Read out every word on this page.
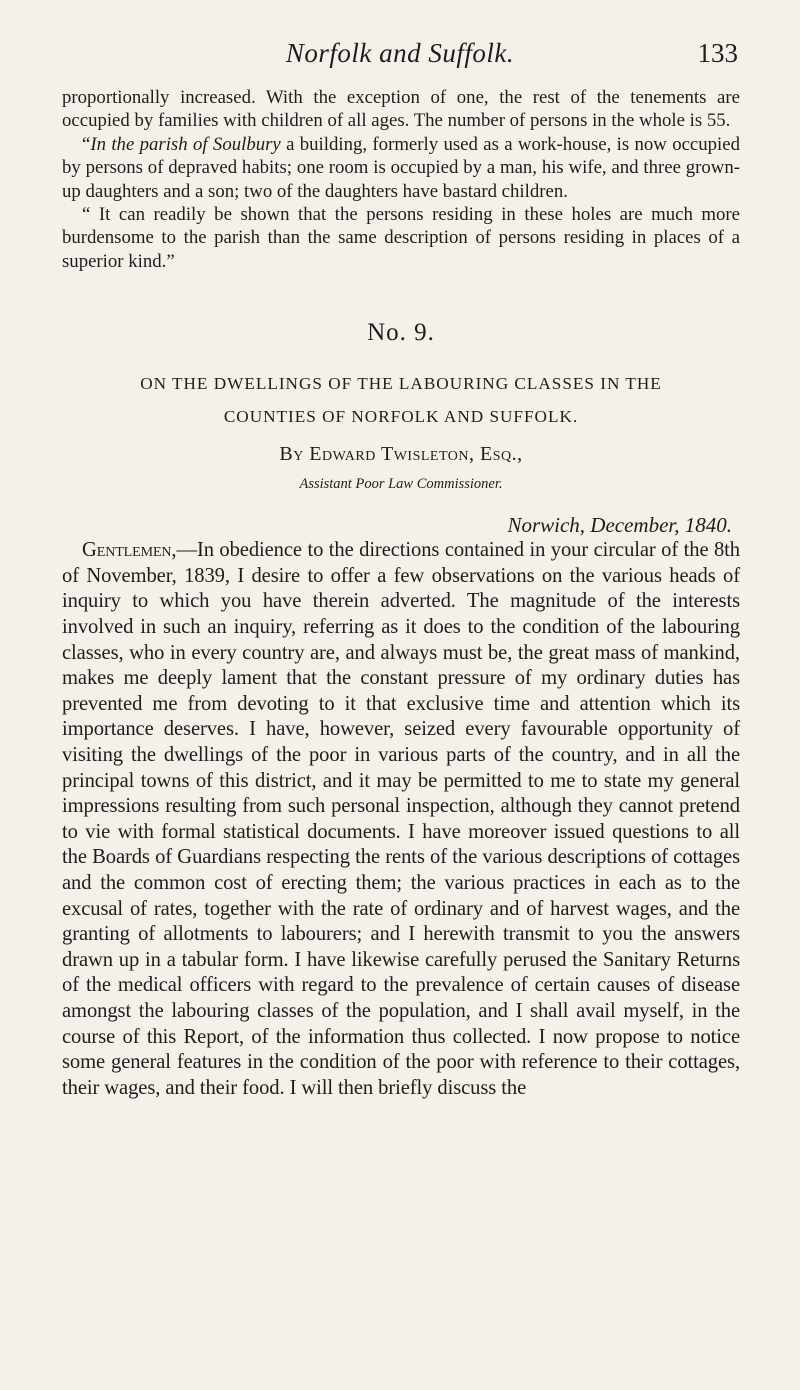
Norfolk and Suffolk.	133

proportionally increased. With the exception of one, the rest of the tenements are occupied by families with children of all ages. The number of persons in the whole is 55.

“In the parish of Soulbury a building, formerly used as a work-house, is now occupied by persons of depraved habits; one room is occupied by a man, his wife, and three grown-up daughters and a son; two of the daughters have bastard children.

“ It can readily be shown that the persons residing in these holes are much more burdensome to the parish than the same description of persons residing in places of a superior kind.”

No. 9.
ON THE DWELLINGS OF THE LABOURING CLASSES IN THE
COUNTIES OF NORFOLK AND SUFFOLK.
By Edward Twisleton, Esq.,
Assistant Poor Law Commissioner.
Norwich, December, 1840.

Gentlemen,—In obedience to the directions contained in your circular of the 8th of November, 1839, I desire to offer a few observations on the various heads of inquiry to which you have therein adverted. The magnitude of the interests involved in such an inquiry, referring as it does to the condition of the labouring classes, who in every country are, and always must be, the great mass of mankind, makes me deeply lament that the constant pressure of my ordinary duties has prevented me from devoting to it that exclusive time and attention which its importance deserves. I have, however, seized every favourable opportunity of visiting the dwellings of the poor in various parts of the country, and in all the principal towns of this district, and it may be permitted to me to state my general impressions resulting from such personal inspection, although they cannot pretend to vie with formal statistical documents. I have moreover issued questions to all the Boards of Guardians respecting the rents of the various descriptions of cottages and the common cost of erecting them; the various practices in each as to the excusal of rates, together with the rate of ordinary and of harvest wages, and the granting of allotments to labourers; and I herewith transmit to you the answers drawn up in a tabular form. I have likewise carefully perused the Sanitary Returns of the medical officers with regard to the prevalence of certain causes of disease amongst the labouring classes of the population, and I shall avail myself, in the course of this Report, of the information thus collected. I now propose to notice some general features in the condition of the poor with reference to their cottages, their wages, and their food. I will then briefly discuss the
